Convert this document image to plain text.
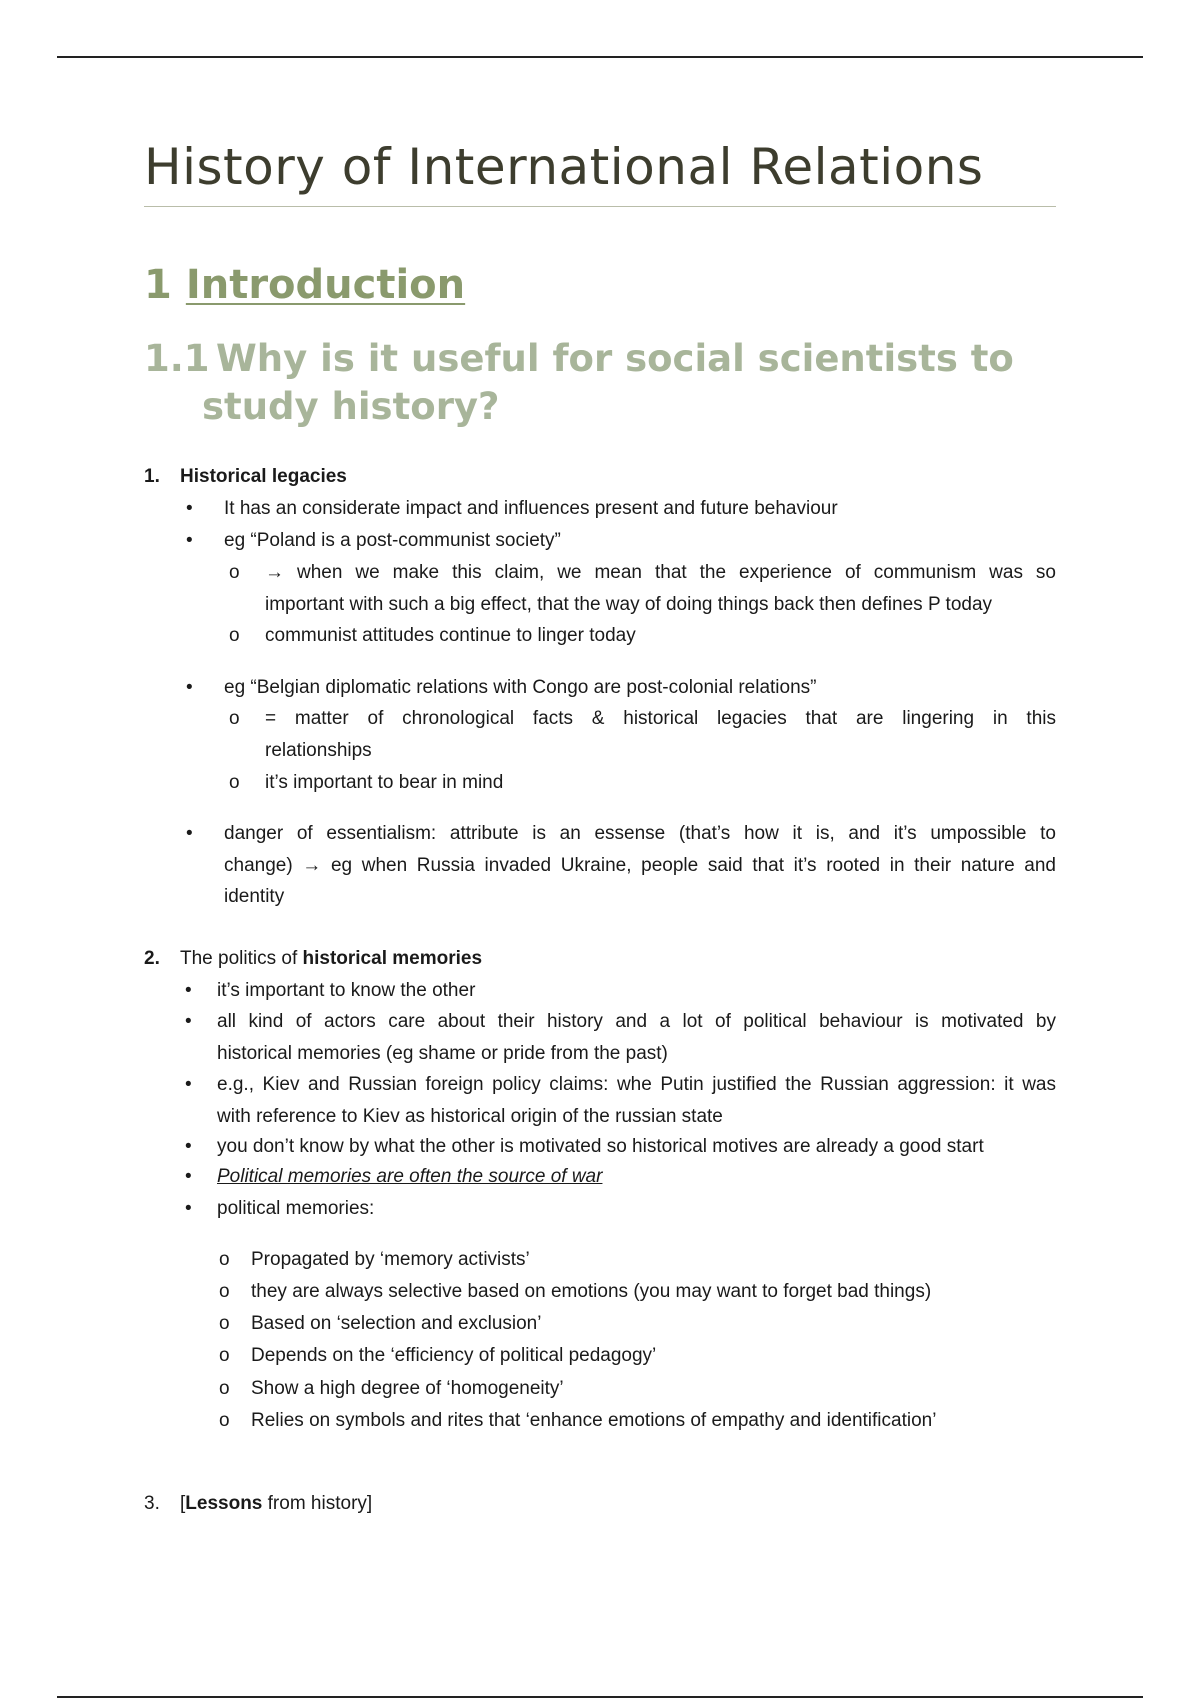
History of International Relations
1 Introduction
1.1 Why is it useful for social scientists to
study history?
1. Historical legacies
• It has an considerate impact and influences present and future behaviour
• eg “Poland is a post-communist society”
o → when we make this claim, we mean that the experience of communism was so
important with such a big effect, that the way of doing things back then defines P today
o communist attitudes continue to linger today
• eg “Belgian diplomatic relations with Congo are post-colonial relations”
o = matter of chronological facts & historical legacies that are lingering in this
relationships
o it’s important to bear in mind
• danger of essentialism: attribute is an essense (that’s how it is, and it’s umpossible to
change) → eg when Russia invaded Ukraine, people said that it’s rooted in their nature and
identity
2. The politics of historical memories
• it’s important to know the other
• all kind of actors care about their history and a lot of political behaviour is motivated by
historical memories (eg shame or pride from the past)
• e.g., Kiev and Russian foreign policy claims: whe Putin justified the Russian aggression: it was
with reference to Kiev as historical origin of the russian state
• you don’t know by what the other is motivated so historical motives are already a good start
• Political memories are often the source of war
• political memories:
o Propagated by ‘memory activists’
o they are always selective based on emotions (you may want to forget bad things)
o Based on ‘selection and exclusion’
o Depends on the ‘efficiency of political pedagogy’
o Show a high degree of ‘homogeneity’
o Relies on symbols and rites that ‘enhance emotions of empathy and identification’
3. [Lessons from history]
